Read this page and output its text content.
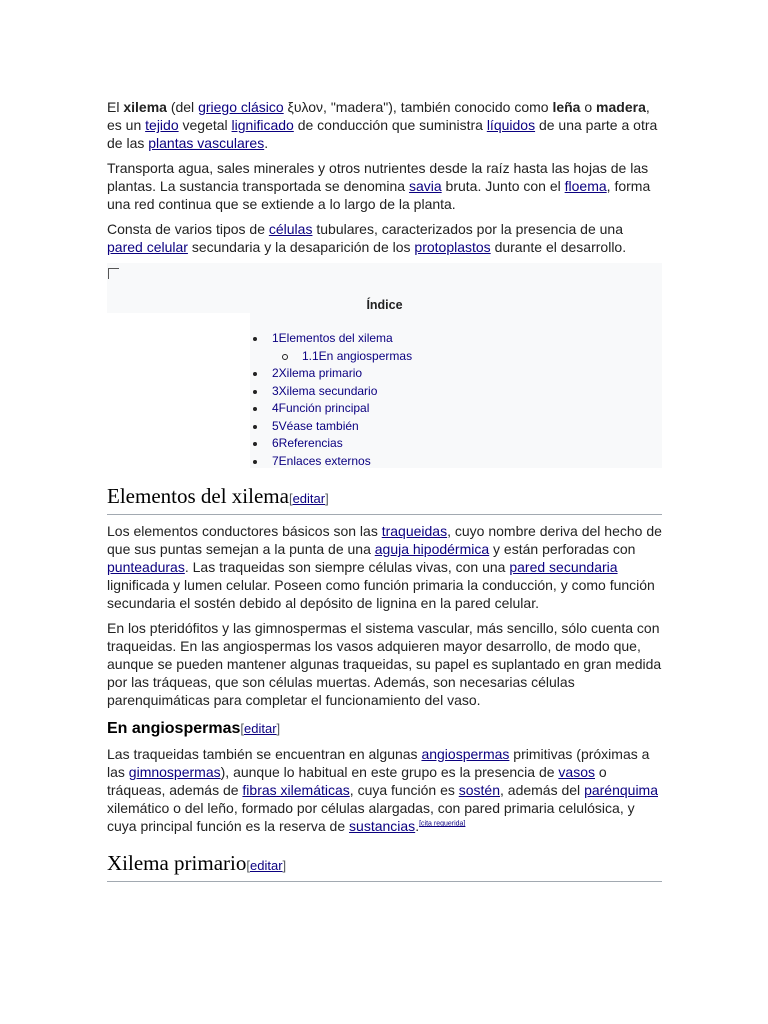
El xilema (del griego clásico ξυλον, "madera"), también conocido como leña o madera, es un tejido vegetal lignificado de conducción que suministra líquidos de una parte a otra de las plantas vasculares.

Transporta agua, sales minerales y otros nutrientes desde la raíz hasta las hojas de las plantas. La sustancia transportada se denomina savia bruta. Junto con el floema, forma una red continua que se extiende a lo largo de la planta.

Consta de varios tipos de células tubulares, caracterizados por la presencia de una pared celular secundaria y la desaparición de los protoplastos durante el desarrollo.

Índice
1Elementos del xilema
1.1En angiospermas
2Xilema primario
3Xilema secundario
4Función principal
5Véase también
6Referencias
7Enlaces externos
Elementos del xilema[editar]

Los elementos conductores básicos son las traqueidas, cuyo nombre deriva del hecho de que sus puntas semejan a la punta de una aguja hipodérmica y están perforadas con punteaduras. Las traqueidas son siempre células vivas, con una pared secundaria lignificada y lumen celular. Poseen como función primaria la conducción, y como función secundaria el sostén debido al depósito de lignina en la pared celular.

En los pteridófitos y las gimnospermas el sistema vascular, más sencillo, sólo cuenta con traqueidas. En las angiospermas los vasos adquieren mayor desarrollo, de modo que, aunque se pueden mantener algunas traqueidas, su papel es suplantado en gran medida por las tráqueas, que son células muertas. Además, son necesarias células parenquimáticas para completar el funcionamiento del vaso.

En angiospermas[editar]

Las traqueidas también se encuentran en algunas angiospermas primitivas (próximas a las gimnospermas), aunque lo habitual en este grupo es la presencia de vasos o tráqueas, además de fibras xilemáticas, cuya función es sostén, además del parénquima xilemático o del leño, formado por células alargadas, con pared primaria celulósica, y cuya principal función es la reserva de sustancias.[cita requerida]

Xilema primario[editar]
